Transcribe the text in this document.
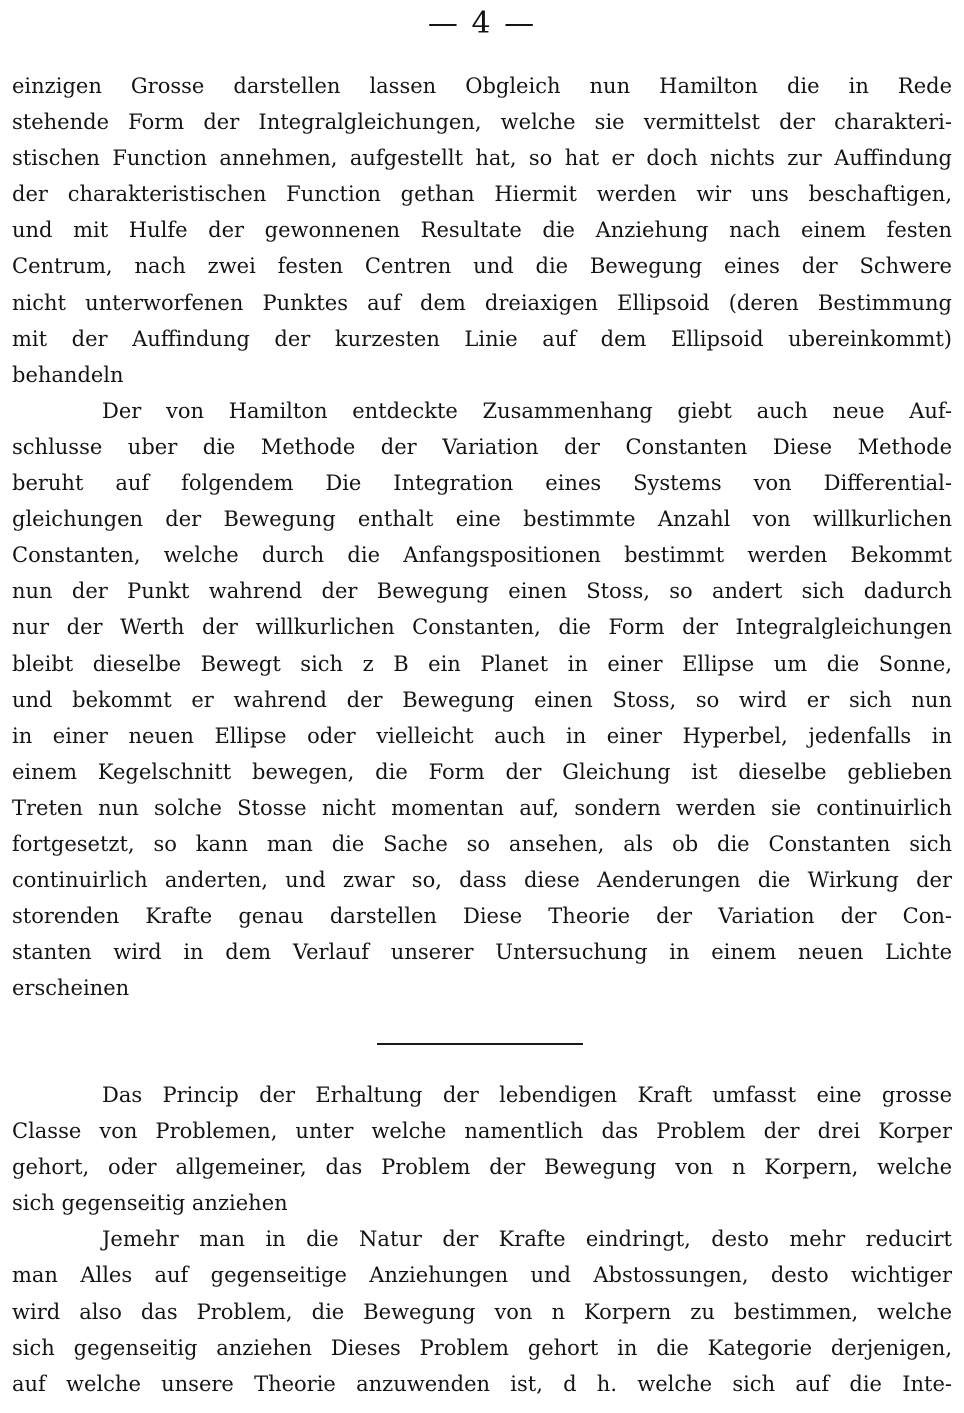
— 4 —
einzigen Grosse darstellen lassen Obgleich nun Hamilton die in Rede
stehende Form der Integralgleichungen, welche sie vermittelst der charakteri-
stischen Function annehmen, aufgestellt hat, so hat er doch nichts zur Auffindung
der charakteristischen Function gethan Hiermit werden wir uns beschaftigen,
und mit Hulfe der gewonnenen Resultate die Anziehung nach einem festen
Centrum, nach zwei festen Centren und die Bewegung eines der Schwere
nicht unterworfenen Punktes auf dem dreiaxigen Ellipsoid (deren Bestimmung
mit der Auffindung der kurzesten Linie auf dem Ellipsoid ubereinkommt)
behandeln
Der von Hamilton entdeckte Zusammenhang giebt auch neue Auf-
schlusse uber die Methode der Variation der Constanten Diese Methode
beruht auf folgendem Die Integration eines Systems von Differential-
gleichungen der Bewegung enthalt eine bestimmte Anzahl von willkurlichen
Constanten, welche durch die Anfangspositionen bestimmt werden Bekommt
nun der Punkt wahrend der Bewegung einen Stoss, so andert sich dadurch
nur der Werth der willkurlichen Constanten, die Form der Integralgleichungen
bleibt dieselbe Bewegt sich z B ein Planet in einer Ellipse um die Sonne,
und bekommt er wahrend der Bewegung einen Stoss, so wird er sich nun
in einer neuen Ellipse oder vielleicht auch in einer Hyperbel, jedenfalls in
einem Kegelschnitt bewegen, die Form der Gleichung ist dieselbe geblieben
Treten nun solche Stosse nicht momentan auf, sondern werden sie continuirlich
fortgesetzt, so kann man die Sache so ansehen, als ob die Constanten sich
continuirlich anderten, und zwar so, dass diese Aenderungen die Wirkung der
storenden Krafte genau darstellen Diese Theorie der Variation der Con-
stanten wird in dem Verlauf unserer Untersuchung in einem neuen Lichte
erscheinen
Das Princip der Erhaltung der lebendigen Kraft umfasst eine grosse
Classe von Problemen, unter welche namentlich das Problem der drei Korper
gehort, oder allgemeiner, das Problem der Bewegung von n Korpern, welche
sich gegenseitig anziehen
Jemehr man in die Natur der Krafte eindringt, desto mehr reducirt
man Alles auf gegenseitige Anziehungen und Abstossungen, desto wichtiger
wird also das Problem, die Bewegung von n Korpern zu bestimmen, welche
sich gegenseitig anziehen Dieses Problem gehort in die Kategorie derjenigen,
auf welche unsere Theorie anzuwenden ist, d h. welche sich auf die Inte-
